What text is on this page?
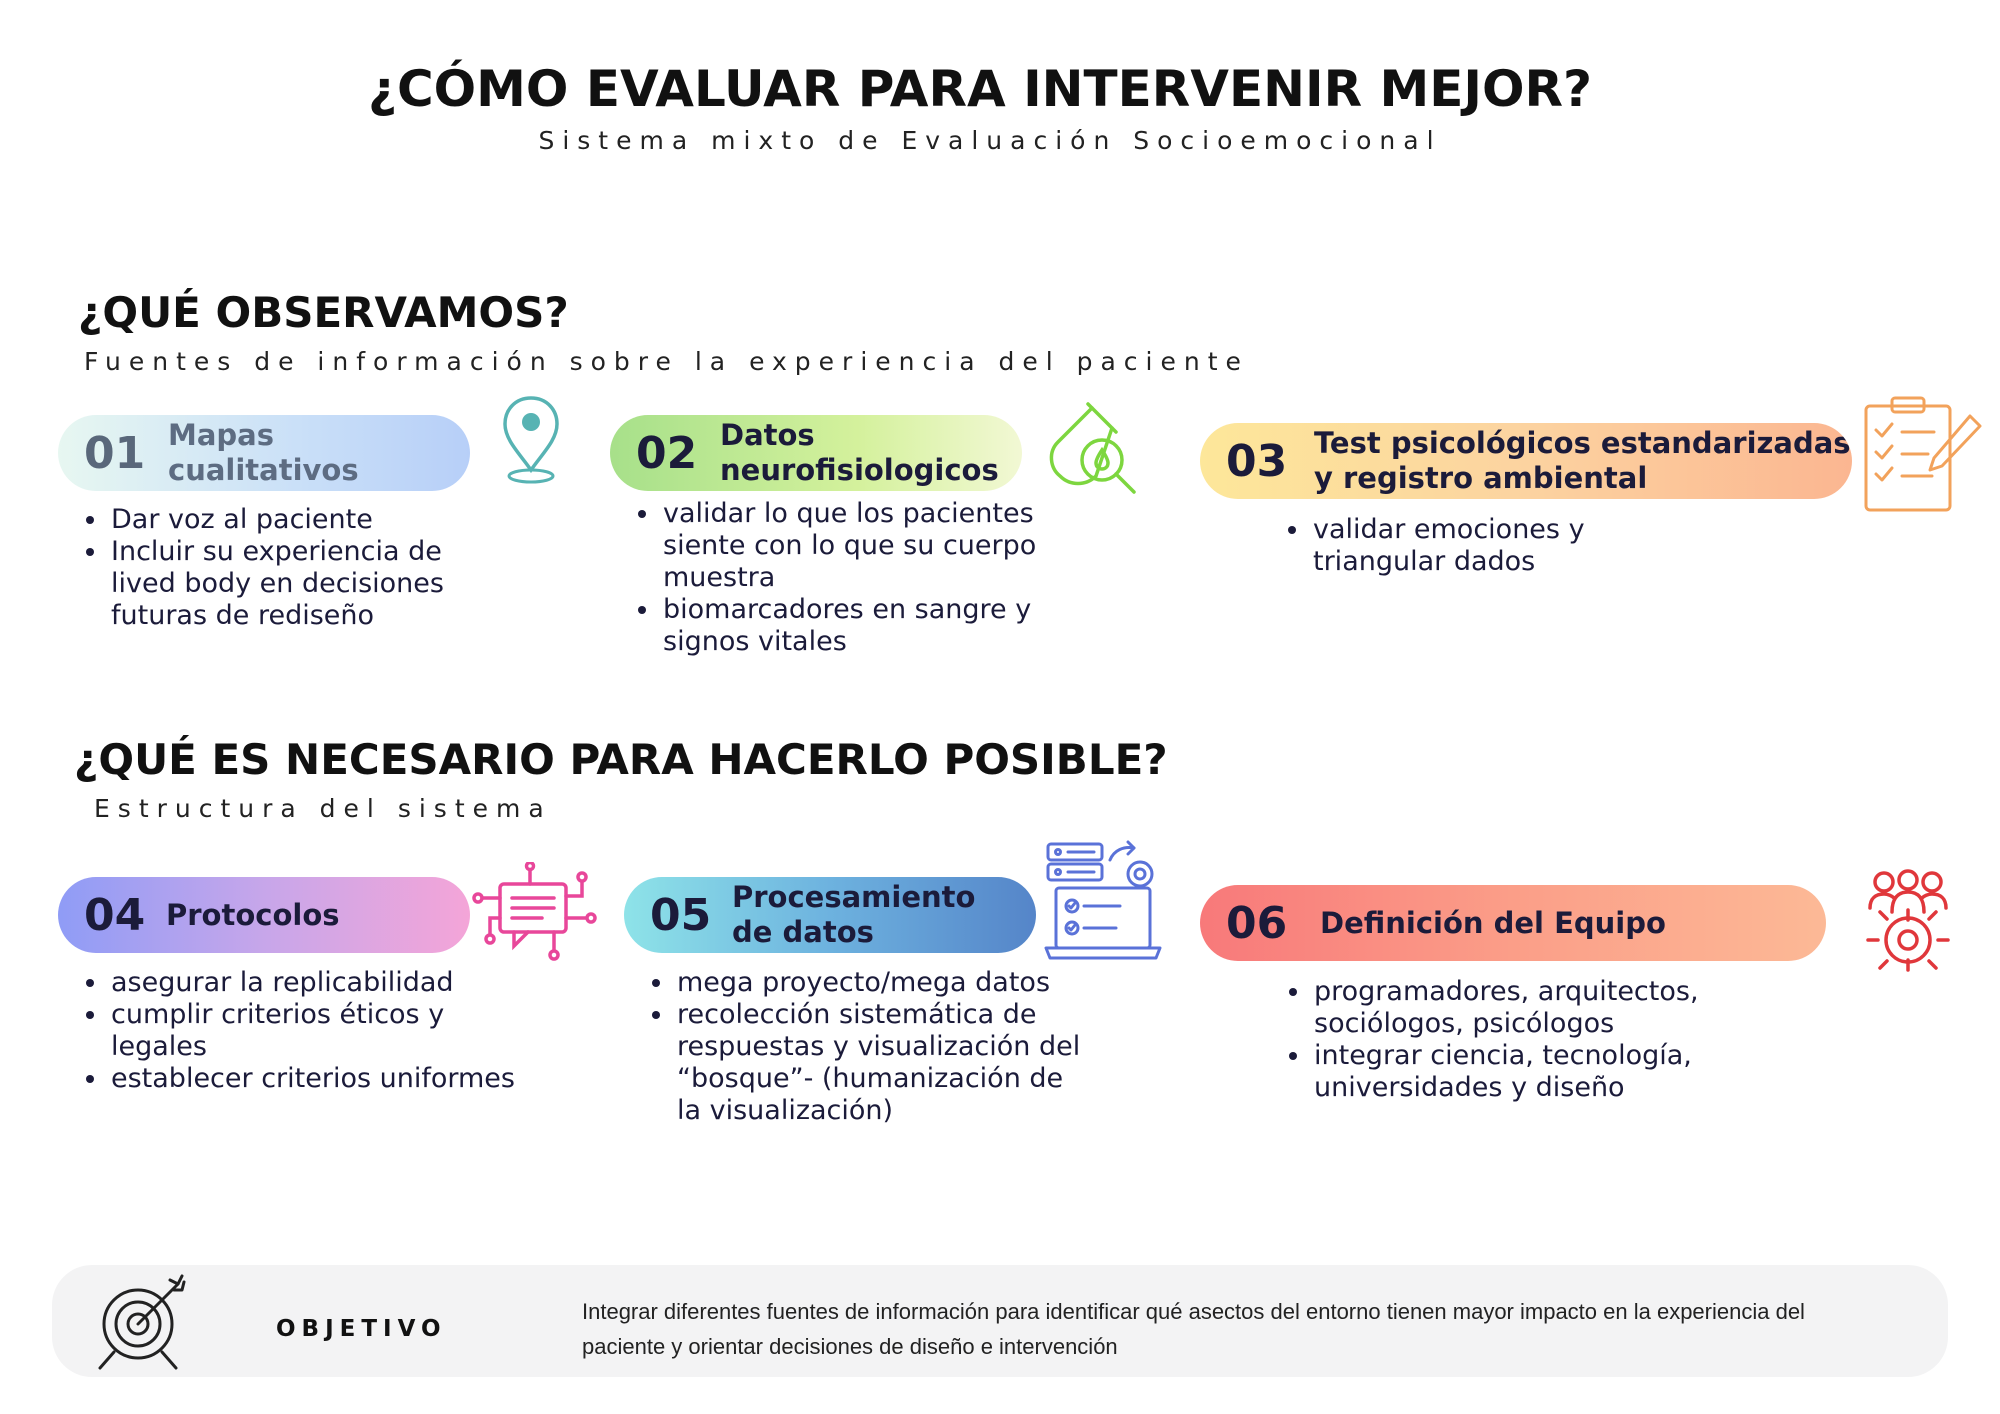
¿CÓMO EVALUAR PARA INTERVENIR MEJOR?
Sistema mixto de Evaluación Socioemocional
¿QUÉ OBSERVAMOS?
Fuentes de información sobre la experiencia del paciente
01 Mapas cualitativos
• Dar voz al paciente
• Incluir su experiencia de lived body en decisiones futuras de rediseño
02 Datos neurofisiologicos
• validar lo que los pacientes siente con lo que su cuerpo muestra
• biomarcadores en sangre y signos vitales
03 Test psicológicos estandarizadas y registro ambiental
• validar emociones y triangular dados
¿QUÉ ES NECESARIO PARA HACERLO POSIBLE?
Estructura del sistema
04 Protocolos
• asegurar la replicabilidad
• cumplir criterios éticos y legales
• establecer criterios uniformes
05 Procesamiento de datos
• mega proyecto/mega datos
• recolección sistemática de respuestas y visualización del “bosque”- (humanización de la visualización)
06	Definición del Equipo
• programadores, arquitectos, sociólogos, psicólogos
• integrar ciencia, tecnología, universidades y diseño
OBJETIVO
Integrar diferentes fuentes de información para identificar qué asectos del entorno tienen mayor impacto en la experiencia del paciente y orientar decisiones de diseño e intervención
